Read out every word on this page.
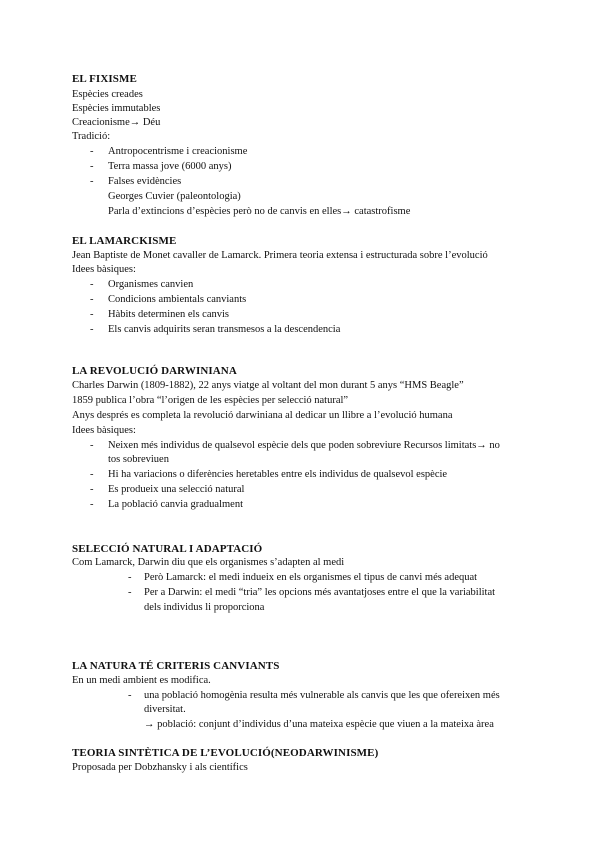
EL FIXISME
Espècies creades
Espècies immutables
Creacionisme→ Déu
Tradició:
- Antropocentrisme i creacionisme
- Terra massa jove (6000 anys)
- Falses evidències
Georges Cuvier (paleontologia)
Parla d’extincions d’espècies però no de canvis en elles→ catastrofisme
EL LAMARCKISME
Jean Baptiste de Monet cavaller de Lamarck. Primera teoria extensa i estructurada sobre l’evolució
Idees bàsiques:
- Organismes canvien
- Condicions ambientals canviants
- Hàbits determinen els canvis
- Els canvis adquirits seran transmesos a la descendencia
LA REVOLUCIÓ DARWINIANA
Charles Darwin (1809-1882), 22 anys viatge al voltant del mon durant 5 anys “HMS Beagle”
1859 publica l’obra “l’origen de les espècies per selecció natural”
Anys després es completa la revolució darwiniana al dedicar un llibre a l’evolució humana
Idees bàsiques:
- Neixen més individus de qualsevol espècie dels que poden sobreviure Recursos limitats→ no
tos sobreviuen
- Hi ha variacions o diferències heretables entre els individus de qualsevol espècie
- Es produeix una selecció natural
- La població canvia gradualment
SELECCIÓ NATURAL I ADAPTACIÓ
Com Lamarck, Darwin diu que els organismes s’adapten al medi
- Però Lamarck: el medi indueix en els organismes el tipus de canvi més adequat
- Per a Darwin: el medi “tria” les opcions més avantatjoses entre el que la variabilitat
dels individus li proporciona
LA NATURA TÉ CRITERIS CANVIANTS
En un medi ambient es modifica.
- una població homogènia resulta més vulnerable als canvis que les que ofereixen més
diversitat.
→ població: conjunt d’individus d’una mateixa espècie que viuen a la mateixa àrea
TEORIA SINTÈTICA DE L’EVOLUCIÓ(NEODARWINISME)
Proposada per Dobzhansky i als científics
